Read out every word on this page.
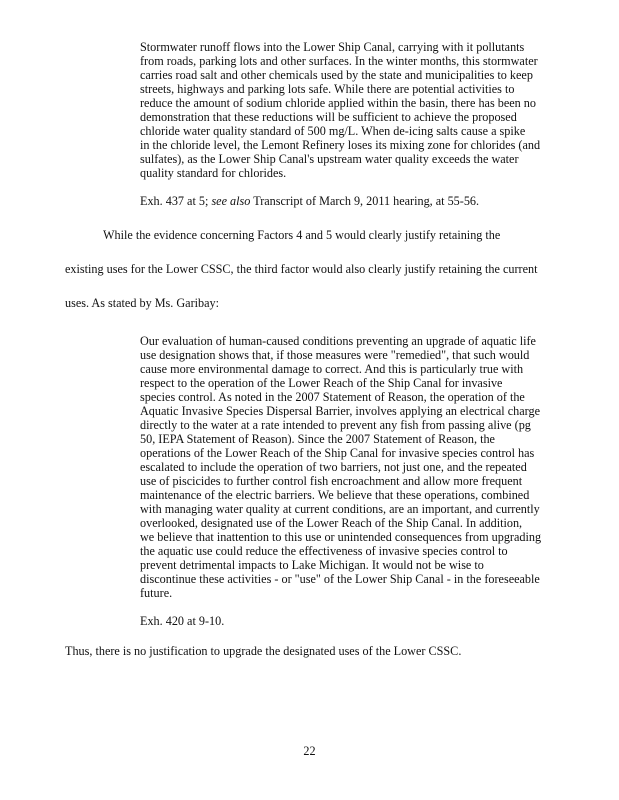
Stormwater runoff flows into the Lower Ship Canal, carrying with it pollutants
from roads, parking lots and other surfaces. In the winter months, this stormwater
carries road salt and other chemicals used by the state and municipalities to keep
streets, highways and parking lots safe. While there are potential activities to
reduce the amount of sodium chloride applied within the basin, there has been no
demonstration that these reductions will be sufficient to achieve the proposed
chloride water quality standard of 500 mg/L. When de-icing salts cause a spike
in the chloride level, the Lemont Refinery loses its mixing zone for chlorides (and
sulfates), as the Lower Ship Canal's upstream water quality exceeds the water
quality standard for chlorides.
Exh. 437 at 5; see also Transcript of March 9, 2011 hearing, at 55-56.
While the evidence concerning Factors 4 and 5 would clearly justify retaining the
existing uses for the Lower CSSC, the third factor would also clearly justify retaining the current
uses. As stated by Ms. Garibay:
Our evaluation of human-caused conditions preventing an upgrade of aquatic life
use designation shows that, if those measures were "remedied", that such would
cause more environmental damage to correct. And this is particularly true with
respect to the operation of the Lower Reach of the Ship Canal for invasive
species control. As noted in the 2007 Statement of Reason, the operation of the
Aquatic Invasive Species Dispersal Barrier, involves applying an electrical charge
directly to the water at a rate intended to prevent any fish from passing alive (pg
50, IEPA Statement of Reason). Since the 2007 Statement of Reason, the
operations of the Lower Reach of the Ship Canal for invasive species control has
escalated to include the operation of two barriers, not just one, and the repeated
use of piscicides to further control fish encroachment and allow more frequent
maintenance of the electric barriers. We believe that these operations, combined
with managing water quality at current conditions, are an important, and currently
overlooked, designated use of the Lower Reach of the Ship Canal. In addition,
we believe that inattention to this use or unintended consequences from upgrading
the aquatic use could reduce the effectiveness of invasive species control to
prevent detrimental impacts to Lake Michigan. It would not be wise to
discontinue these activities - or "use" of the Lower Ship Canal - in the foreseeable
future.
Exh. 420 at 9-10.
Thus, there is no justification to upgrade the designated uses of the Lower CSSC.
22
